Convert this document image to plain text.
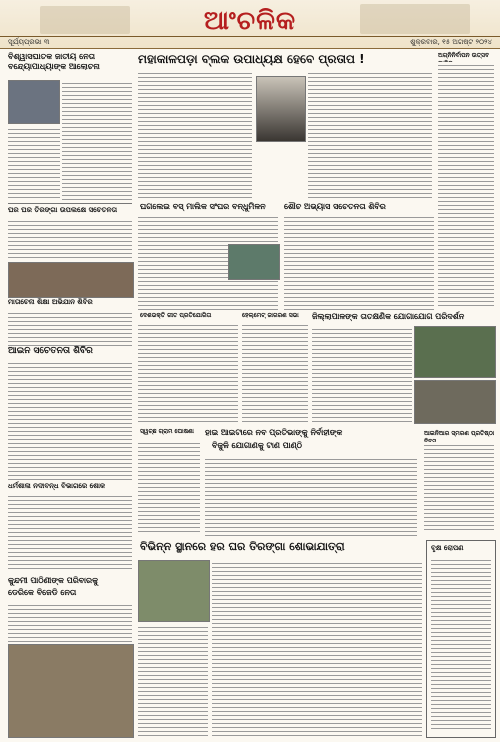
ଆଂଚଳିକ
ସୂର୍ଯ୍ୟପ୍ରଭା ୩	ଶୁକ୍ରବାର, ୧୫ ଅଗଷ୍ଟ ୨୦୨୪
ବିଶ୍ୱାସଘାତକ ଜାତୀୟ ନେତା
ବନ୍ଦ୍ୟୋପାଧ୍ୟାଙ୍କ ଆଲୋଚନା
ଘର ଘର ତିରଙ୍ଗା ଉପଲକ୍ଷେ ସଚେତନତା
ମାତାଚେନା ଶିକ୍ଷା ଅଭିଯାନ ଶିବିର
ଆଇନ ସଚେତନତା ଶିବିର
ଧର୍ମଶାଳା ନଦୀବନ୍ଧ ବିଭାଗରେ ଶୋକ
କୁନ୍ଦମୀ ପାଠିଣୀଙ୍କ ପରିବାରକୁ
ଡେରିକେ ବିଜେଡି ନେତା
ମହାକାଳପଡ଼ା ବ୍ଲକ ଉପାଧ୍ୟକ୍ଷ ହେବେ ପ୍ରତାପ !
ଘଗଲେଇ ବସ୍ ମାଲିକ ସଂଘର ବନ୍ଧୁମିଳନ	ଶୌଚ ଅଭ୍ୟାସ ସଚେତନତା ଶିବିର
ଦେଶଭକ୍ତି ଗୀତ ପ୍ରତିଯୋଗିତା	ହେଲ୍ମେଟ୍ ଜାଗରଣ ସଭା	ଜିଲ୍ଲାପାଳଙ୍କ ତାତକ୍ଷଣିକ ଯୋଗାଯୋଗ ପରିଦର୍ଶନ
ସ୍ୱଚ୍ଛ ଗ୍ରାମ ଘୋଷଣା	ହାଇ ଆଇଟାରେ ନବ ପ୍ରତିଭାଙ୍କୁ ନିର୍ବାହୀଙ୍କ
ବିଜୁଳି ଯୋଗାଣକୁ ଟାଣ ପାଣ୍ଠି
ଅଗ୍ନିନିର୍ବାପନ ଉତ୍ସବ
ଆଇନିଆର ସ୍ମରଣ ପ୍ରତିଷ୍ଠା
ବିଭିନ୍ନ ସ୍ଥାନରେ ହର ଘର ତିରଙ୍ଗା ଶୋଭାଯାତ୍ରା	ବୃକ୍ଷ ରୋପଣ
